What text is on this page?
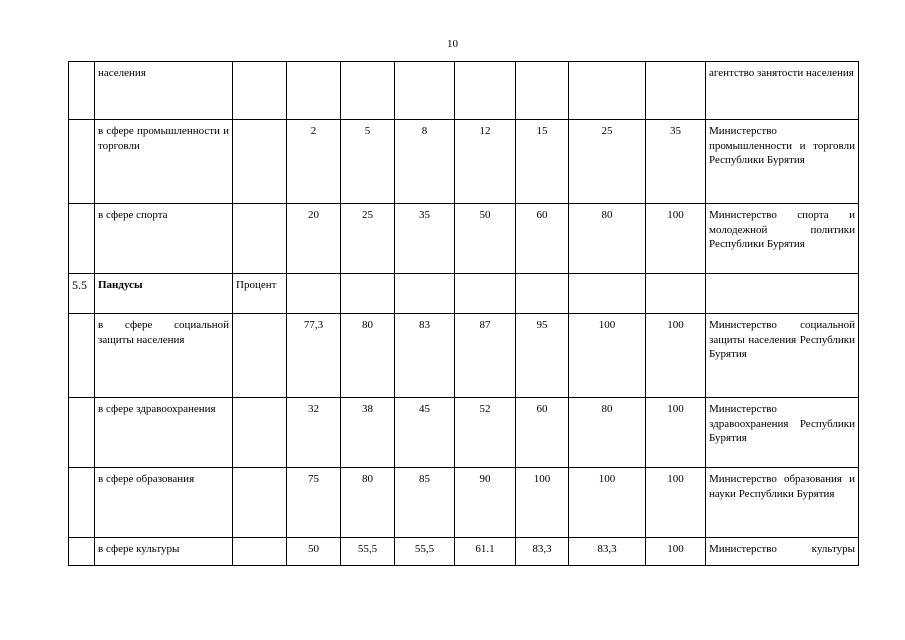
10
	населения									агентство занятости населения
	в сфере промышленности и торговли		2	5	8	12	15	25	35	Министерство промышленности и торговли Республики Бурятия
	в сфере спорта		20	25	35	50	60	80	100	Министерство спорта и молодежной политики Республики Бурятия
5.5	Пандусы	Процент								
	в сфере социальной защиты населения		77,3	80	83	87	95	100	100	Министерство социальной защиты населения Республики Бурятия
	в сфере здравоохранения		32	38	45	52	60	80	100	Министерство здравоохранения Республики Бурятия
	в сфере образования		75	80	85	90	100	100	100	Министерство образования и науки Республики Бурятия
	в сфере культуры		50	55,5	55,5	61.1	83,3	83,3	100	Министерство культуры
